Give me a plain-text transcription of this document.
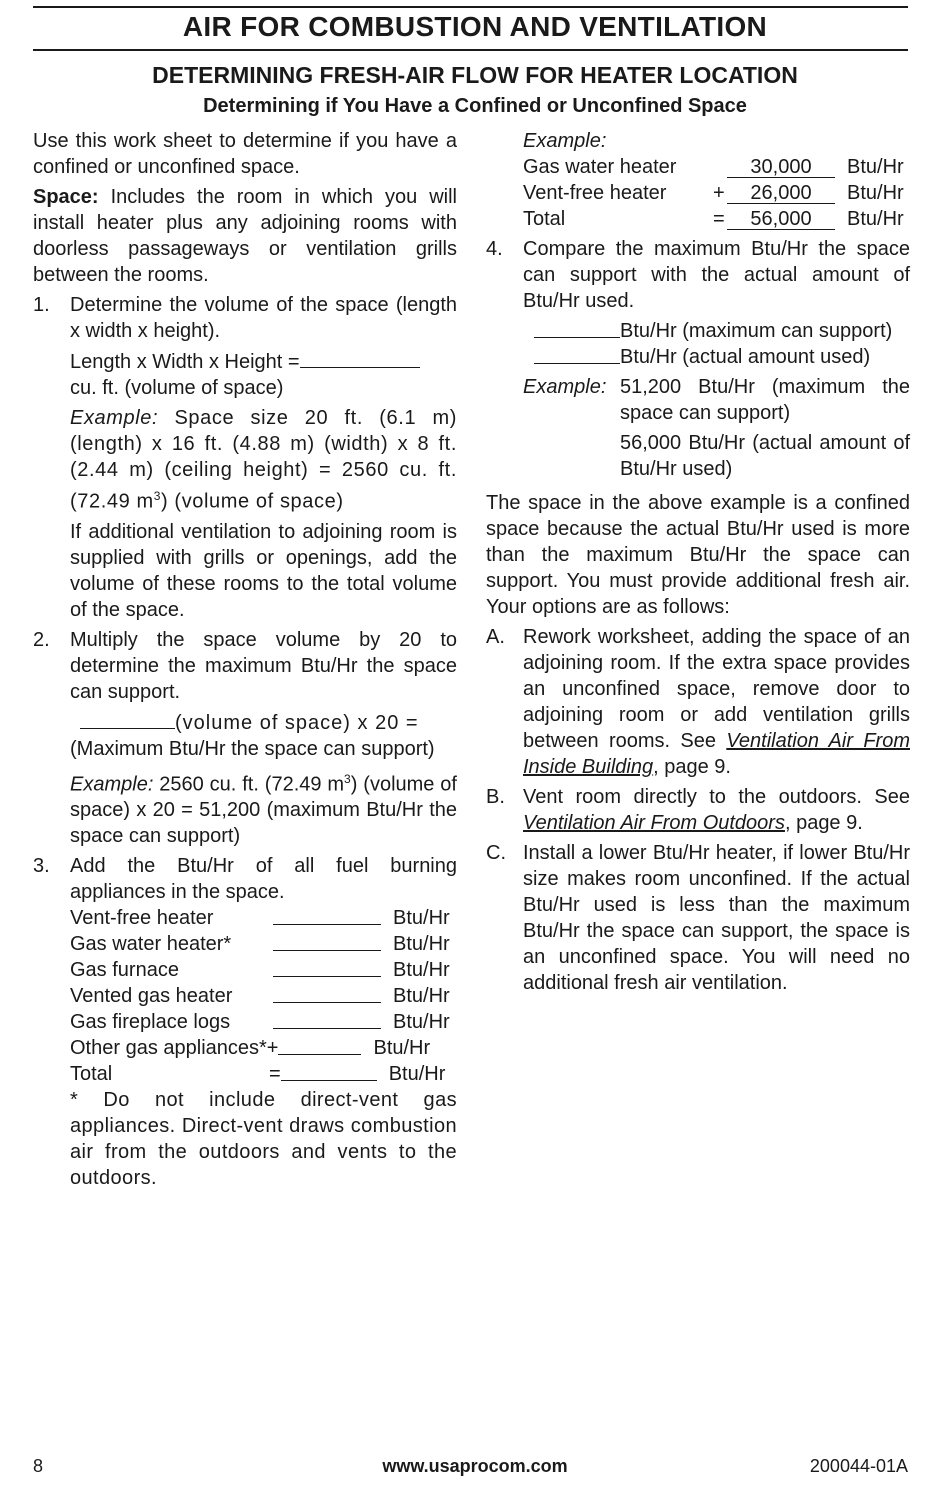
AIR FOR COMBUSTION AND VENTILATION
DETERMINING FRESH-AIR FLOW FOR HEATER LOCATION
Determining if You Have a Confined or Unconfined Space

Use this work sheet to determine if you have a confined or unconfined space.

Space: Includes the room in which you will install heater plus any adjoining rooms with doorless passageways or ventilation grills between the rooms.

1. Determine the volume of the space (length x width x height).

Length x Width x Height =

cu. ft. (volume of space)

Example: Space size 20 ft. (6.1 m) (length) x 16 ft. (4.88 m) (width) x 8 ft. (2.44 m) (ceiling height) = 2560 cu. ft. (72.49 $m^3$) (volume of space)

If additional ventilation to adjoining room is supplied with grills or openings, add the volume of these rooms to the total volume of the space.

2. Multiply the space volume by 20 to determine the maximum Btu/Hr the space can support.

(volume of space) x 20 =

(Maximum Btu/Hr the space can support)

Example: 2560 cu. ft. (72.49 $m^3$) (volume of space) x 20 = 51,200 (maximum Btu/Hr the space can support)

3. Add the Btu/Hr of all fuel burning appliances in the space.

Vent-free heater	Btu/Hr
Gas water heater*	Btu/Hr
Gas furnace	Btu/Hr
Vented gas heater	Btu/Hr
Gas fireplace logs	Btu/Hr
Other gas appliances* +	Btu/Hr
Total	=	Btu/Hr

* Do not include direct-vent gas appliances. Direct-vent draws combustion air from the outdoors and vents to the outdoors.

Example:
Gas water heater	30,000	Btu/Hr
Vent-free heater	+	26,000	Btu/Hr
Total	=	56,000	Btu/Hr
4. Compare the maximum Btu/Hr the space can support with the actual amount of Btu/Hr used.

Btu/Hr (maximum can support)
Btu/Hr (actual amount used)
Example: 51,200 Btu/Hr (maximum the space can support)

56,000 Btu/Hr (actual amount of Btu/Hr used)

The space in the above example is a confined space because the actual Btu/Hr used is more than the maximum Btu/Hr the space can support. You must provide additional fresh air. Your options are as follows:

A. Rework worksheet, adding the space of an adjoining room. If the extra space provides an unconfined space, remove door to adjoining room or add ventilation grills between rooms. See Ventilation Air From Inside Building, page 9.

B. Vent room directly to the outdoors. See Ventilation Air From Outdoors, page 9.

C. Install a lower Btu/Hr heater, if lower Btu/Hr size makes room unconfined. If the actual Btu/Hr used is less than the maximum Btu/Hr the space can support, the space is an unconfined space. You will need no additional fresh air ventilation.

8	www.usaprocom.com	200044-01A
